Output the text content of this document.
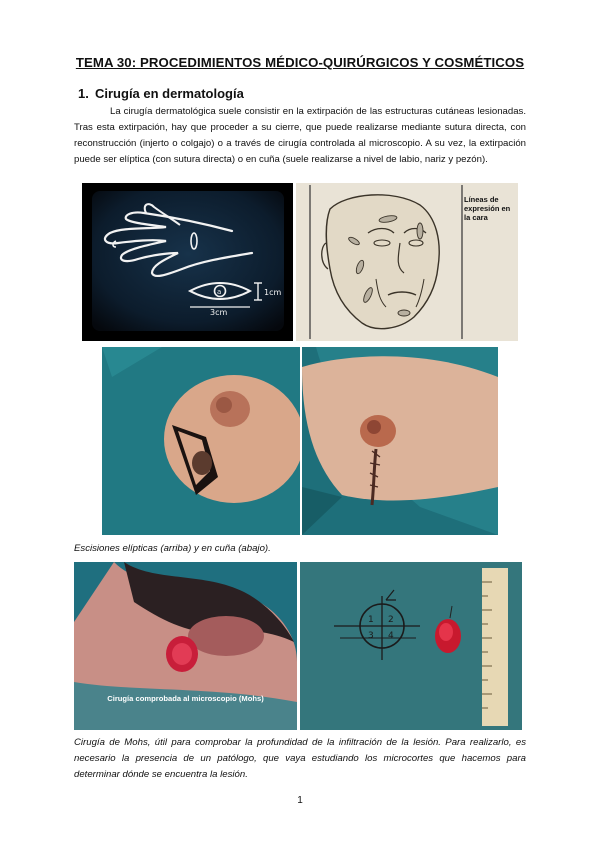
TEMA 30: PROCEDIMIENTOS MÉDICO-QUIRÚRGICOS Y COSMÉTICOS
1. Cirugía en dermatología
La cirugía dermatológica suele consistir en la extirpación de las estructuras cutáneas lesionadas. Tras esta extirpación, hay que proceder a su cierre, que puede realizarse mediante sutura directa, con reconstrucción (injerto o colgajo) o a través de cirugía controlada al microscopio. A su vez, la extirpación puede ser elíptica (con sutura directa) o en cuña (suele realizarse a nivel de labio, nariz y pezón).
a	1cm
3cm
Líneas de expresión en la cara
Escisiones elípticas (arriba) y en cuña (abajo).
Cirugía comprobada al microscopio (Mohs)
1 2
3 4
Cirugía de Mohs, útil para comprobar la profundidad de la infiltración de la lesión. Para realizarlo, es necesario la presencia de un patólogo, que vaya estudiando los microcortes que hacemos para determinar dónde se encuentra la lesión.
1
